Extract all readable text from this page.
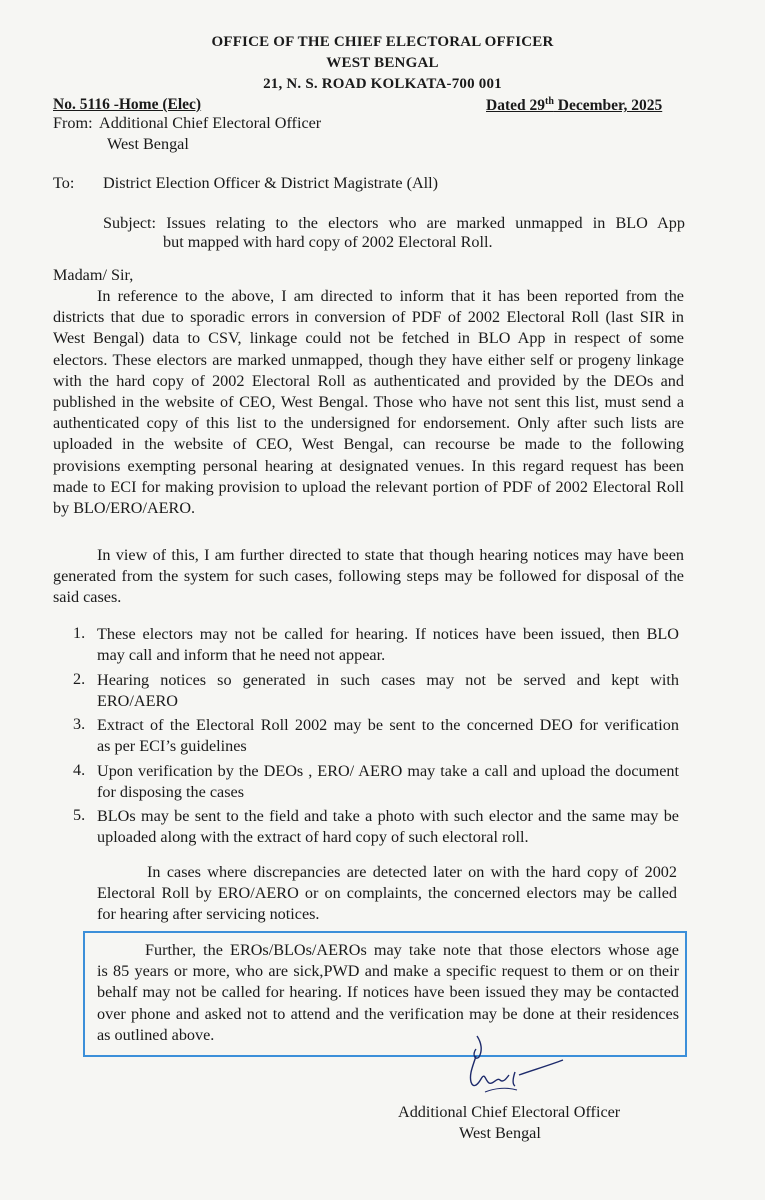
OFFICE OF THE CHIEF ELECTORAL OFFICER
WEST BENGAL
21, N. S. ROAD KOLKATA-700 001
No. 5116 -Home (Elec)	Dated 29th December, 2025
From: Additional Chief Electoral Officer
West Bengal
To: District Election Officer & District Magistrate (All)
Subject: Issues relating to the electors who are marked unmapped in BLO App
but mapped with hard copy of 2002 Electoral Roll.
Madam/ Sir,
In reference to the above, I am directed to inform that it has been reported from the
districts that due to sporadic errors in conversion of PDF of 2002 Electoral Roll (last SIR in
West Bengal) data to CSV, linkage could not be fetched in BLO App in respect of some
electors. These electors are marked unmapped, though they have either self or progeny linkage
with the hard copy of 2002 Electoral Roll as authenticated and provided by the DEOs and
published in the website of CEO, West Bengal. Those who have not sent this list, must send a
authenticated copy of this list to the undersigned for endorsement. Only after such lists are
uploaded in the website of CEO, West Bengal, can recourse be made to the following
provisions exempting personal hearing at designated venues. In this regard request has been
made to ECI for making provision to upload the relevant portion of PDF of 2002 Electoral Roll
by BLO/ERO/AERO.
In view of this, I am further directed to state that though hearing notices may have been
generated from the system for such cases, following steps may be followed for disposal of the
said cases.
1. These electors may not be called for hearing. If notices have been issued, then BLO
may call and inform that he need not appear.
2. Hearing notices so generated in such cases may not be served and kept with
ERO/AERO
3. Extract of the Electoral Roll 2002 may be sent to the concerned DEO for verification
as per ECI’s guidelines
4. Upon verification by the DEOs , ERO/ AERO may take a call and upload the document
for disposing the cases
5. BLOs may be sent to the field and take a photo with such elector and the same may be
uploaded along with the extract of hard copy of such electoral roll.
In cases where discrepancies are detected later on with the hard copy of 2002
Electoral Roll by ERO/AERO or on complaints, the concerned electors may be called
for hearing after servicing notices.
Further, the EROs/BLOs/AEROs may take note that those electors whose age
is 85 years or more, who are sick,PWD and make a specific request to them or on their
behalf may not be called for hearing. If notices have been issued they may be contacted
over phone and asked not to attend and the verification may be done at their residences
as outlined above.
Additional Chief Electoral Officer
West Bengal
